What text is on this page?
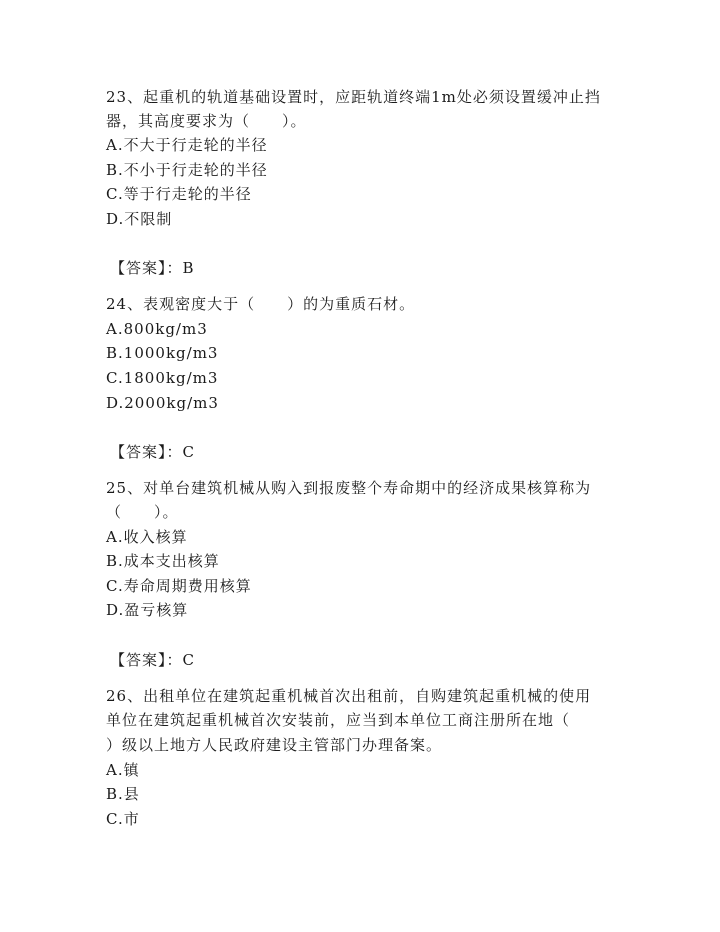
23、起重机的轨道基础设置时，应距轨道终端1m处必须设置缓冲止挡
器，其高度要求为（　　）。
A.不大于行走轮的半径
B.不小于行走轮的半径
C.等于行走轮的半径
D.不限制
【答案】：B
24、表观密度大于（　　）的为重质石材。
A.800kg/m3
B.1000kg/m3
C.1800kg/m3
D.2000kg/m3
【答案】：C
25、对单台建筑机械从购入到报废整个寿命期中的经济成果核算称为
（　　）。
A.收入核算
B.成本支出核算
C.寿命周期费用核算
D.盈亏核算
【答案】：C
26、出租单位在建筑起重机械首次出租前，自购建筑起重机械的使用
单位在建筑起重机械首次安装前，应当到本单位工商注册所在地（
）级以上地方人民政府建设主管部门办理备案。
A.镇
B.县
C.市
